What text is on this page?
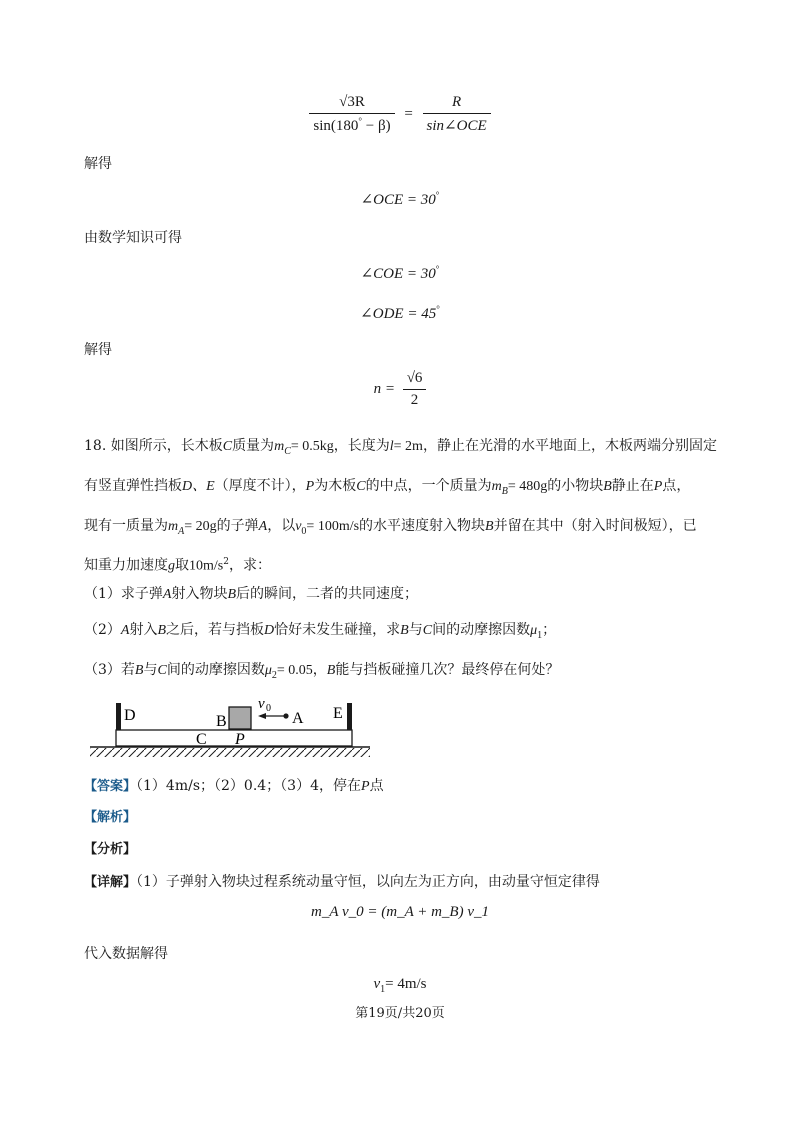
$\frac{√3R}{\sin(180^\circ - \beta)} = \frac{R}{\text{sin∠OCE}}$
解得
∠OCE = 30°
由数学知识可得
∠COE = 30°
∠ODE = 45°
解得
$n = \frac{√6}{2}$
18. 如图所示，长木板C质量为$m_C= 0.5kg$，长度为l= 2m，静止在光滑的水平地面上，木板两端分别固定
有竖直弹性挡板D、E（厚度不计），P为木板C的中点，一个质量为$m_B= 480g$的小物块B静止在P点，
现有一质量为$m_A= 20g$的子弹A，以$v_0= 100m/s$的水平速度射入物块B并留在其中（射入时间极短），已
知重力加速度g取$10m/s^2$，求：
（1）求子弹A射入物块B后的瞬间，二者的共同速度；
（2）A射入B之后，若与挡板D恰好未发生碰撞，求B与C间的动摩擦因数$\mu_1$；
（3）若B与C间的动摩擦因数$\mu_2= 0.05$，B能与挡板碰撞几次？最终停在何处？
D	E
B	A
v 0
C P
【答案】（1）4m/s；（2）0.4；（3）4，停在P点
【解析】
【分析】
【详解】（1）子弹射入物块过程系统动量守恒，以向左为正方向，由动量守恒定律得
m_A v_0 = (m_A + m_B) v_1
代入数据解得
$v_1= 4m/s$
第19页/共20页
